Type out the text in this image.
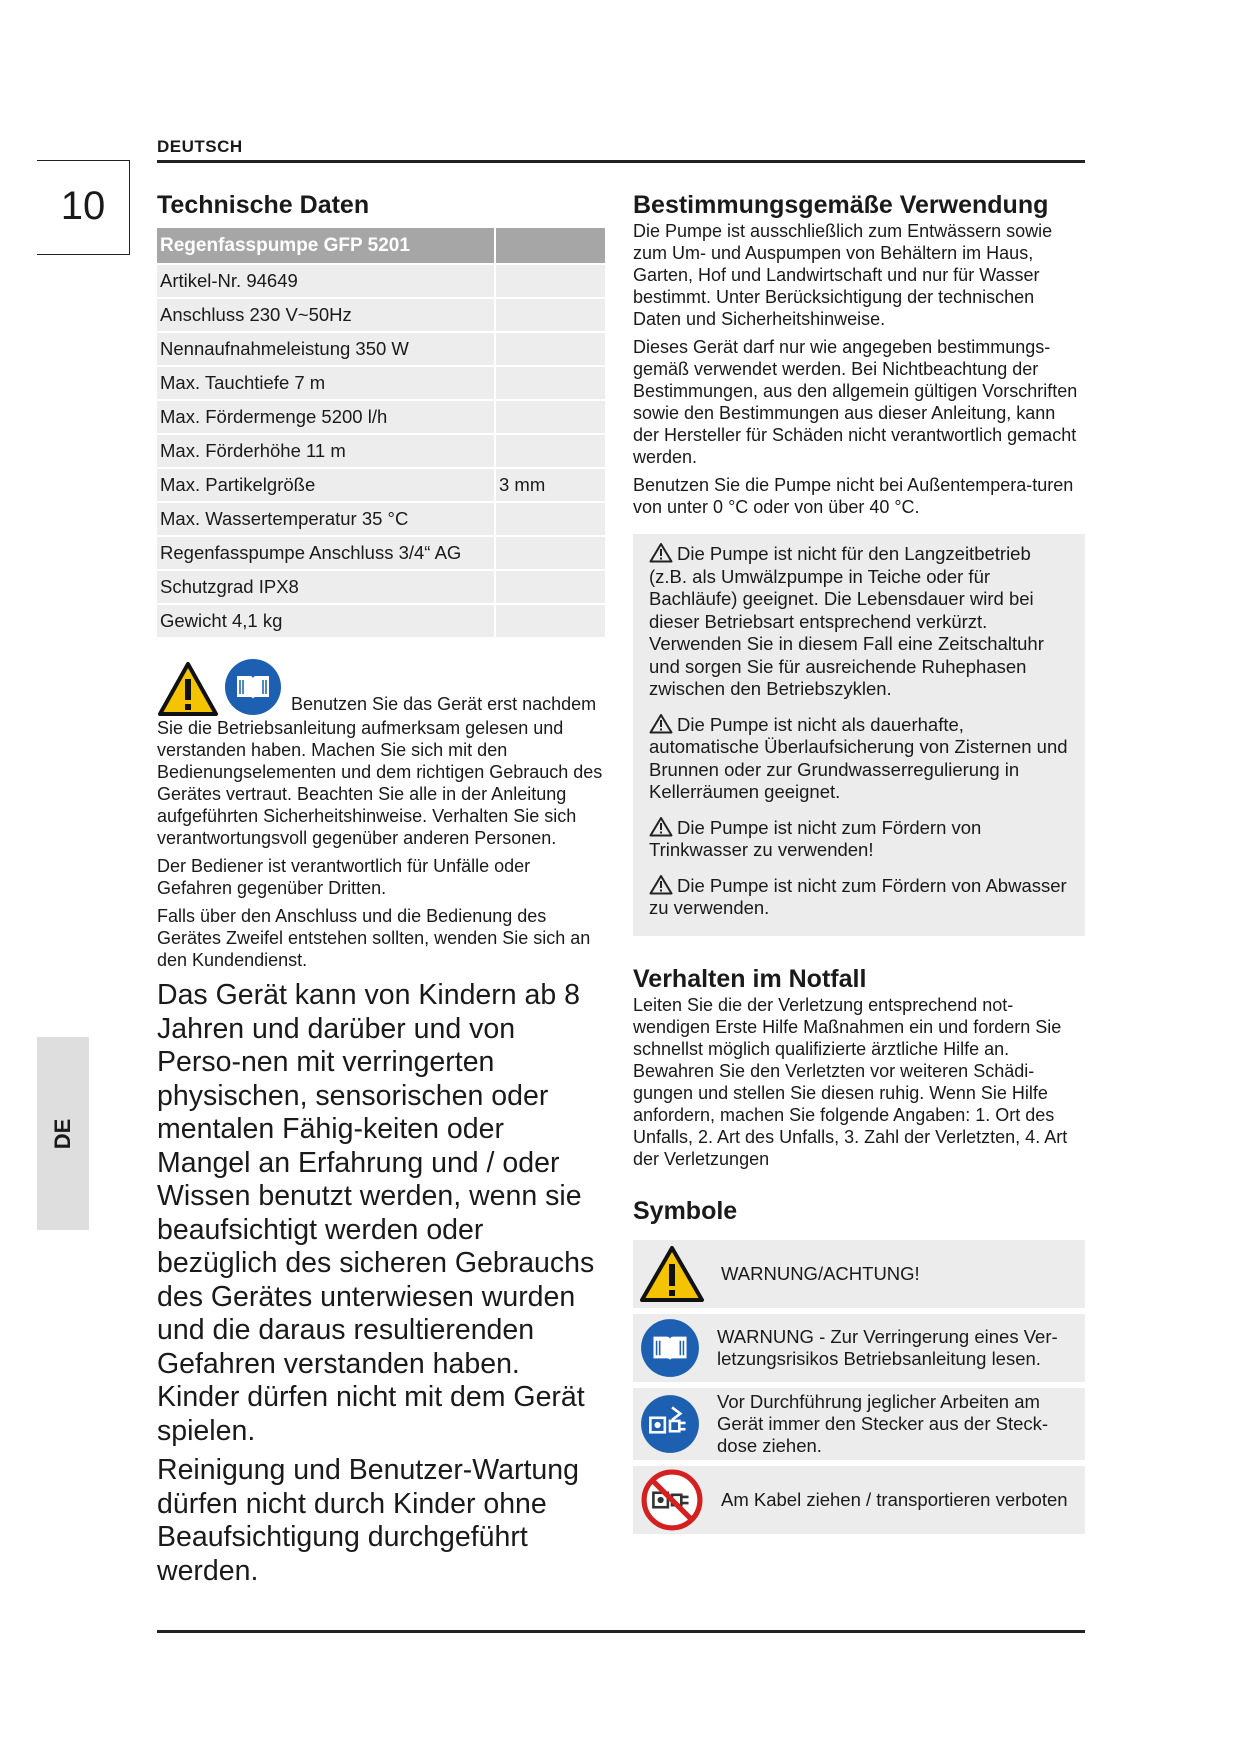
DEUTSCH
10
DE
Technische Daten
Regenfasspumpe GFP 5201	
Artikel-Nr. 94649	
Anschluss 230 V~50Hz	
Nennaufnahmeleistung 350 W	
Max. Tauchtiefe 7 m	
Max. Fördermenge 5200 l/h	
Max. Förderhöhe 11 m	
Max. Partikelgröße	3 mm
Max. Wassertemperatur 35 °C	
Regenfasspumpe Anschluss 3/4“ AG	
Schutzgrad IPX8	
Gewicht 4,1 kg	

Benutzen Sie das Gerät erst nachdem

Sie die Betriebsanleitung aufmerksam gelesen und verstanden haben. Machen Sie sich mit den Bedienungselementen und dem richtigen Gebrauch des Gerätes vertraut. Beachten Sie alle in der Anleitung aufgeführten Sicherheitshinweise. Verhalten Sie sich verantwortungsvoll gegenüber anderen Personen.

Der Bediener ist verantwortlich für Unfälle oder Gefahren gegenüber Dritten.

Falls über den Anschluss und die Bedienung des Gerätes Zweifel entstehen sollten, wenden Sie sich an den Kundendienst.

Das Gerät kann von Kindern ab 8 Jahren und darüber und von Perso-nen mit verringerten physischen, sensorischen oder mentalen Fähig-keiten oder Mangel an Erfahrung und / oder Wissen benutzt werden, wenn sie beaufsichtigt werden oder bezüglich des sicheren Gebrauchs des Gerätes unterwiesen wurden und die daraus resultierenden Gefahren verstanden haben. Kinder dürfen nicht mit dem Gerät spielen.

Reinigung und Benutzer-Wartung dürfen nicht durch Kinder ohne Beaufsichtigung durchgeführt werden.

Bestimmungsgemäße Verwendung

Die Pumpe ist ausschließlich zum Entwässern sowie zum Um- und Auspumpen von Behältern im Haus, Garten, Hof und Landwirtschaft und nur für Wasser bestimmt. Unter Berücksichtigung der technischen Daten und Sicherheitshinweise.

Dieses Gerät darf nur wie angegeben bestimmungs-gemäß verwendet werden. Bei Nichtbeachtung der Bestimmungen, aus den allgemein gültigen Vorschriften sowie den Bestimmungen aus dieser Anleitung, kann der Hersteller für Schäden nicht verantwortlich gemacht werden.

Benutzen Sie die Pumpe nicht bei Außentempera-turen von unter 0 °C oder von über 40 °C.

Die Pumpe ist nicht für den Langzeitbetrieb (z.B. als Umwälzpumpe in Teiche oder für Bachläufe) geeignet. Die Lebensdauer wird bei dieser Betriebsart entsprechend verkürzt. Verwenden Sie in diesem Fall eine Zeitschaltuhr und sorgen Sie für ausreichende Ruhephasen zwischen den Betriebszyklen.

Die Pumpe ist nicht als dauerhafte, automatische Überlaufsicherung von Zisternen und Brunnen oder zur Grundwasserregulierung in Kellerräumen geeignet.

Die Pumpe ist nicht zum Fördern von Trinkwasser zu verwenden!

Die Pumpe ist nicht zum Fördern von Abwasser zu verwenden.

Verhalten im Notfall

Leiten Sie die der Verletzung entsprechend not-wendigen Erste Hilfe Maßnahmen ein und fordern Sie schnellst möglich qualifizierte ärztliche Hilfe an. Bewahren Sie den Verletzten vor weiteren Schädi-gungen und stellen Sie diesen ruhig. Wenn Sie Hilfe anfordern, machen Sie folgende Angaben: 1. Ort des Unfalls, 2. Art des Unfalls, 3. Zahl der Verletzten, 4. Art der Verletzungen

Symbole
WARNUNG/ACHTUNG!
WARNUNG - Zur Verringerung eines Ver-letzungsrisikos Betriebsanleitung lesen.
Vor Durchführung jeglicher Arbeiten am Gerät immer den Stecker aus der Steck-dose ziehen.
Am Kabel ziehen / transportieren verboten
